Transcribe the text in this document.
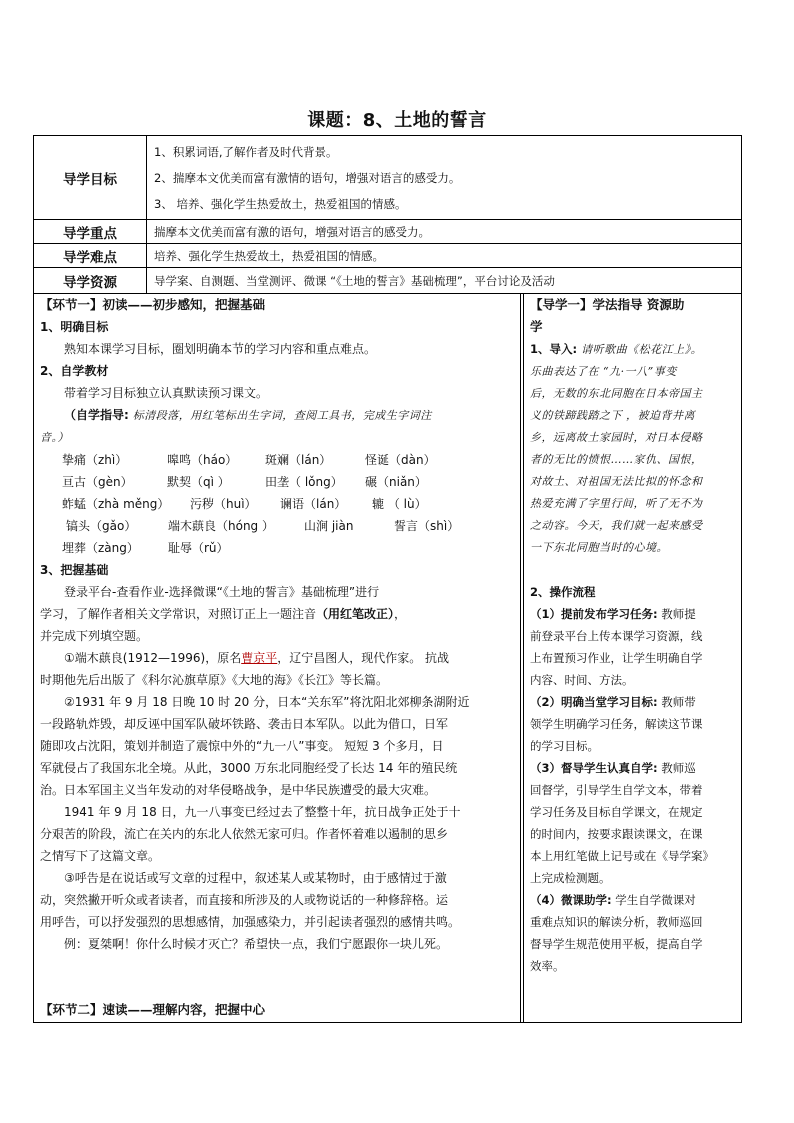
课题：8、土地的誓言
导学目标	1、积累词语,了解作者及时代背景。
2、揣摩本文优美而富有激情的语句，增强对语言的感受力。
3、 培养、强化学生热爱故土，热爱祖国的情感。

导学重点	揣摩本文优美而富有激的语句，增强对语言的感受力。
导学难点	培养、强化学生热爱故土，热爱祖国的情感。
导学资源	导学案、自测题、当堂测评、微课 “《土地的誓言》基础梳理”，平台讨论及活动
【环节一】初读——初步感知，把握基础
1、明确目标
熟知本课学习目标，圈划明确本节的学习内容和重点难点。
2、自学教材
带着学习目标独立认真默读预习课文。
（自学指导: 标清段落，用红笔标出生字词，查阅工具书，完成生字词注
音。）
挚痛（zhì）	嗥鸣（háo）	斑斓（lán）	怪诞（dàn）
亘古（gèn）	默契（qì ）	田垄（ lǒng）	碾（niǎn）
蚱蜢（zhà měng）	污秽（huì）	谰语（lán）	辘 （ lù）
镐头（gǎo）	端木蕻良（hóng ）	山涧 jiàn	誓言（shì）
埋葬（zàng）	耻辱（rǔ）
3、把握基础
登录平台-查看作业-选择微课“《土地的誓言》基础梳理”进行
学习，了解作者相关文学常识，对照订正上一题注音（用红笔改正），
并完成下列填空题。
①端木蕻良(1912—1996)，原名曹京平，辽宁昌图人，现代作家。 抗战
时期他先后出版了《科尔沁旗草原》《大地的海》《长江》等长篇。
②1931 年 9 月 18 日晚 10 时 20 分，日本“关东军”将沈阳北郊柳条湖附近
一段路轨炸毁，却反诬中国军队破坏铁路、袭击日本军队。以此为借口，日军
随即攻占沈阳，策划并制造了震惊中外的“九一八”事变。 短短 3 个多月，日
军就侵占了我国东北全境。从此，3000 万东北同胞经受了长达 14 年的殖民统
治。日本军国主义当年发动的对华侵略战争，是中华民族遭受的最大灾难。
1941 年 9 月 18 日，九一八事变已经过去了整整十年，抗日战争正处于十
分艰苦的阶段，流亡在关内的东北人依然无家可归。作者怀着难以遏制的思乡
之情写下了这篇文章。
③呼告是在说话或写文章的过程中，叙述某人或某物时，由于感情过于激
动，突然撇开听众或者读者，而直接和所涉及的人或物说话的一种修辞格。运
用呼告，可以抒发强烈的思想感情，加强感染力，并引起读者强烈的感情共鸣。
例：夏桀啊！你什么时候才灭亡？希望快一点，我们宁愿跟你一块儿死。
【环节二】速读——理解内容，把握中心
【导学一】学法指导 资源助
学
1、导入: 请听歌曲《松花江上》。
乐曲表达了在 “九·一八”事变
后，无数的东北同胞在日本帝国主
义的铁蹄践踏之下 ，被迫背井离
乡，远离故土家园时，对日本侵略
者的无比的愤恨……家仇、国恨，
对故土、对祖国无法比拟的怀念和
热爱充满了字里行间，听了无不为
之动容。今天，我们就一起来感受
一下东北同胞当时的心境。
2、操作流程
（1）提前发布学习任务: 教师提
前登录平台上传本课学习资源，线
上布置预习作业，让学生明确自学
内容、时间、方法。
（2）明确当堂学习目标: 教师带
领学生明确学习任务，解读这节课
的学习目标。
（3）督导学生认真自学: 教师巡
回督学，引导学生自学文本，带着
学习任务及目标自学课文，在规定
的时间内，按要求跟读课文，在课
本上用红笔做上记号或在《导学案》
上完成检测题。
（4）微课助学: 学生自学微课对
重难点知识的解读分析，教师巡回
督导学生规范使用平板，提高自学
效率。
